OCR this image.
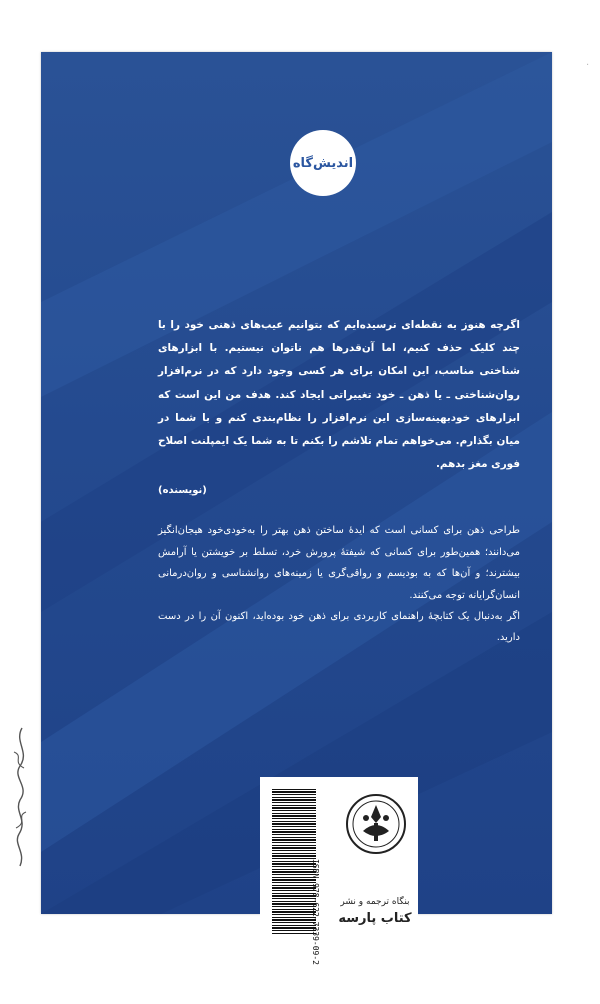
اندیش‌گاه

اگرچه هنوز به نقطه‌ای نرسیده‌ایم که بتوانیم عیب‌های ذهنی خود را با چند کلیک حذف کنیم، اما آن‌قدرها هم ناتوان نیستیم. با ابزارهای شناختی مناسب، این امکان برای هر کسی وجود دارد که در نرم‌افزار روان‌شناختی ـ یا ذهن ـ خود تغییراتی ایجاد کند. هدف من این است که ابزارهای خودبهینه‌سازی این نرم‌افزار را نظام‌بندی کنم و با شما در میان بگذارم. می‌خواهم تمام تلاشم را بکنم تا به شما یک ایمپلنت اصلاح فوری مغز بدهم.

(نویسنده)

طراحی ذهن برای کسانی است که ایدهٔ ساختن ذهن بهتر را به‌خودی‌خود هیجان‌انگیز می‌دانند؛ همین‌طور برای کسانی که شیفتهٔ پرورش خرد، تسلط بر خویشتن یا آرامش بیشترند؛ و آن‌ها که به بودیسم و رواقی‌گری یا زمینه‌های روانشناسی و روان‌درمانی انسان‌گرایانه توجه می‌کنند.

اگر به‌دنبال یک کتابچهٔ راهنمای کاربردی برای ذهن خود بوده‌اید، اکنون آن را در دست دارید.

ISBN 978-622-7339-09-2	بنگاه ترجمه و نشر
کتاب پارسه
·
